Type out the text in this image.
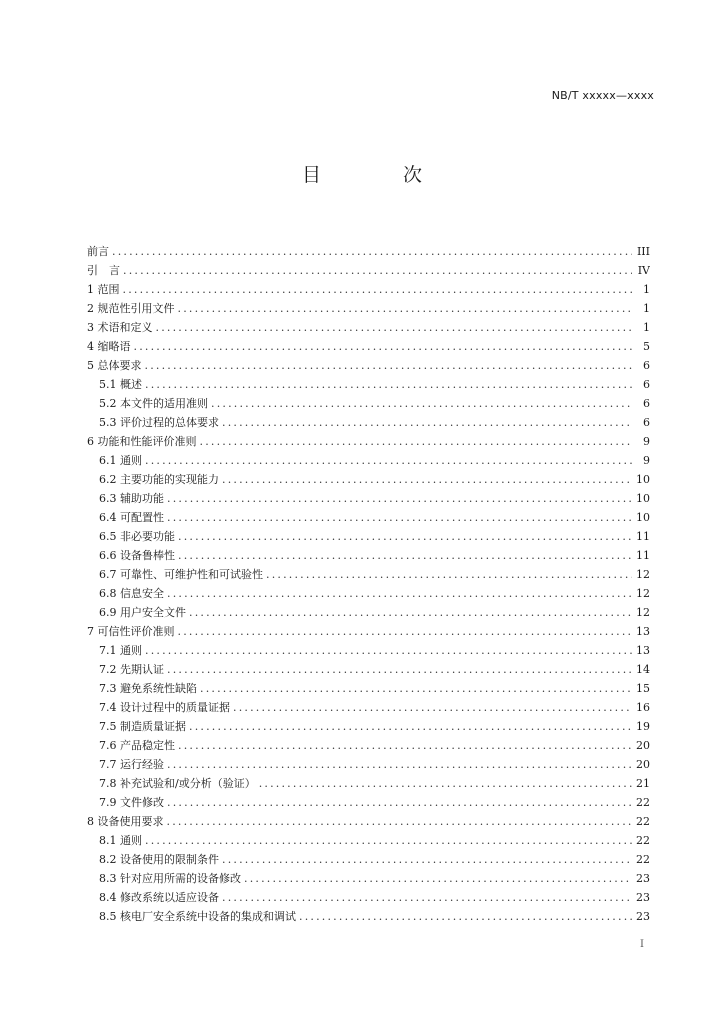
NB/T xxxxx—xxxx
目 次
前言 .....	III
引　言 .....	IV
1 范围 .....	1
2 规范性引用文件 .....	1
3 术语和定义 .....	1
4 缩略语 .....	5
5 总体要求 .....	6
5.1 概述 .....	6
5.2 本文件的适用准则 .....	6
5.3 评价过程的总体要求 .....	6
6 功能和性能评价准则 .....	9
6.1 通则 .....	9
6.2 主要功能的实现能力 .....	10
6.3 辅助功能 .....	10
6.4 可配置性 .....	10
6.5 非必要功能 .....	11
6.6 设备鲁棒性 .....	11
6.7 可靠性、可维护性和可试验性 .....	12
6.8 信息安全 .....	12
6.9 用户安全文件 .....	12
7 可信性评价准则 .....	13
7.1 通则 .....	13
7.2 先期认证 .....	14
7.3 避免系统性缺陷 .....	15
7.4 设计过程中的质量证据 .....	16
7.5 制造质量证据 .....	19
7.6 产品稳定性 .....	20
7.7 运行经验 .....	20
7.8 补充试验和/或分析（验证） .....	21
7.9 文件修改 .....	22
8 设备使用要求 .....	22
8.1 通则 .....	22
8.2 设备使用的限制条件 .....	22
8.3 针对应用所需的设备修改 .....	23
8.4 修改系统以适应设备 .....	23
8.5 核电厂安全系统中设备的集成和调试 .....	23
I
